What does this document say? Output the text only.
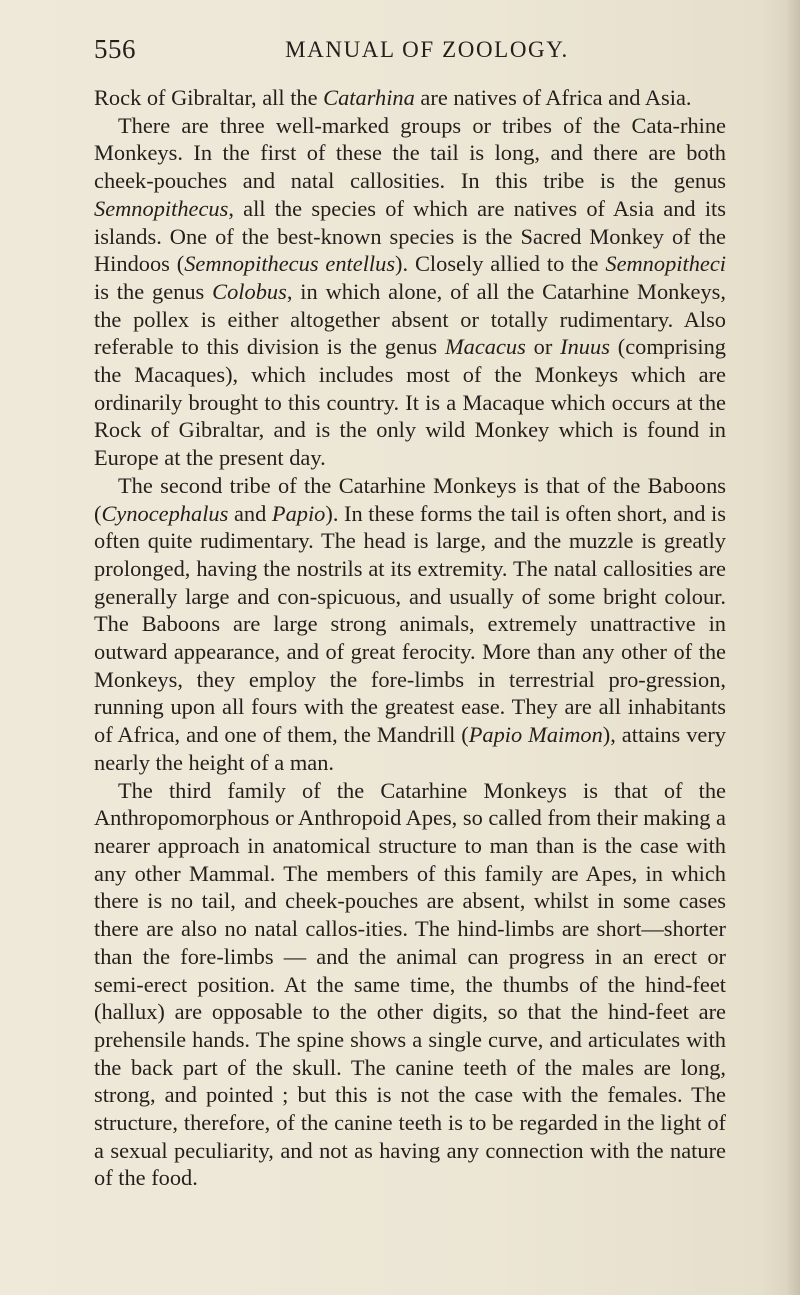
556	MANUAL OF ZOOLOGY.

Rock of Gibraltar, all the Catarhina are natives of Africa and Asia.

There are three well-marked groups or tribes of the Cata-rhine Monkeys. In the first of these the tail is long, and there are both cheek-pouches and natal callosities. In this tribe is the genus Semnopithecus, all the species of which are natives of Asia and its islands. One of the best-known species is the Sacred Monkey of the Hindoos (Semnopithecus entellus). Closely allied to the Semnopitheci is the genus Colobus, in which alone, of all the Catarhine Monkeys, the pollex is either altogether absent or totally rudimentary. Also referable to this division is the genus Macacus or Inuus (comprising the Macaques), which includes most of the Monkeys which are ordinarily brought to this country. It is a Macaque which occurs at the Rock of Gibraltar, and is the only wild Monkey which is found in Europe at the present day.

The second tribe of the Catarhine Monkeys is that of the Baboons (Cynocephalus and Papio). In these forms the tail is often short, and is often quite rudimentary. The head is large, and the muzzle is greatly prolonged, having the nostrils at its extremity. The natal callosities are generally large and con-spicuous, and usually of some bright colour. The Baboons are large strong animals, extremely unattractive in outward appearance, and of great ferocity. More than any other of the Monkeys, they employ the fore-limbs in terrestrial pro-gression, running upon all fours with the greatest ease. They are all inhabitants of Africa, and one of them, the Mandrill (Papio Maimon), attains very nearly the height of a man.

The third family of the Catarhine Monkeys is that of the Anthropomorphous or Anthropoid Apes, so called from their making a nearer approach in anatomical structure to man than is the case with any other Mammal. The members of this family are Apes, in which there is no tail, and cheek-pouches are absent, whilst in some cases there are also no natal callos-ities. The hind-limbs are short—shorter than the fore-limbs — and the animal can progress in an erect or semi-erect position. At the same time, the thumbs of the hind-feet (hallux) are opposable to the other digits, so that the hind-feet are prehensile hands. The spine shows a single curve, and articulates with the back part of the skull. The canine teeth of the males are long, strong, and pointed ; but this is not the case with the females. The structure, therefore, of the canine teeth is to be regarded in the light of a sexual peculiarity, and not as having any connection with the nature of the food.
